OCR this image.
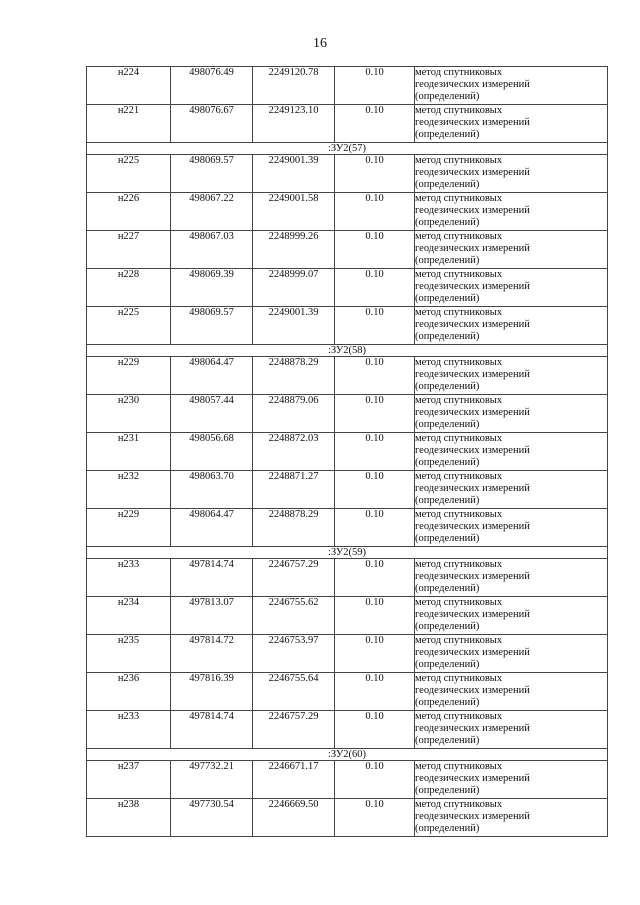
16
н224	498076.49	2249120.78	0.10	метод спутниковых
геодезических измерений
(определений)

н221	498076.67	2249123.10	0.10	метод спутниковых
геодезических измерений
(определений)

:ЗУ2(57)				
н225	498069.57	2249001.39	0.10	метод спутниковых
геодезических измерений
(определений)

н226	498067.22	2249001.58	0.10	метод спутниковых
геодезических измерений
(определений)

н227	498067.03	2248999.26	0.10	метод спутниковых
геодезических измерений
(определений)

н228	498069.39	2248999.07	0.10	метод спутниковых
геодезических измерений
(определений)

н225	498069.57	2249001.39	0.10	метод спутниковых
геодезических измерений
(определений)

:ЗУ2(58)				
н229	498064.47	2248878.29	0.10	метод спутниковых
геодезических измерений
(определений)

н230	498057.44	2248879.06	0.10	метод спутниковых
геодезических измерений
(определений)

н231	498056.68	2248872.03	0.10	метод спутниковых
геодезических измерений
(определений)

н232	498063.70	2248871.27	0.10	метод спутниковых
геодезических измерений
(определений)

н229	498064.47	2248878.29	0.10	метод спутниковых
геодезических измерений
(определений)

:ЗУ2(59)				
н233	497814.74	2246757.29	0.10	метод спутниковых
геодезических измерений
(определений)

н234	497813.07	2246755.62	0.10	метод спутниковых
геодезических измерений
(определений)

н235	497814.72	2246753.97	0.10	метод спутниковых
геодезических измерений
(определений)

н236	497816.39	2246755.64	0.10	метод спутниковых
геодезических измерений
(определений)

н233	497814.74	2246757.29	0.10	метод спутниковых
геодезических измерений
(определений)

:ЗУ2(60)				
н237	497732.21	2246671.17	0.10	метод спутниковых
геодезических измерений
(определений)

н238	497730.54	2246669.50	0.10	метод спутниковых
геодезических измерений
(определений)
